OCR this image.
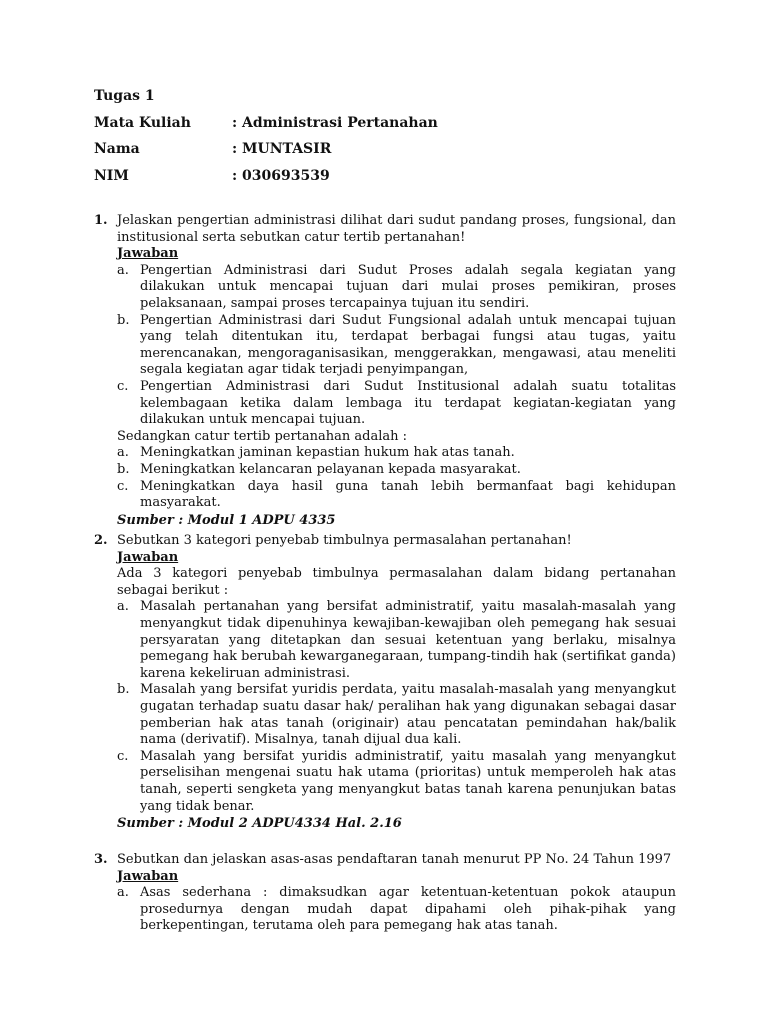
Tugas 1
Mata Kuliah	: Administrasi Pertanahan
Nama	: MUNTASIR
NIM	: 030693539
1. Jelaskan pengertian administrasi dilihat dari sudut pandang proses, fungsional, dan institusional serta sebutkan catur tertib pertanahan!
Jawaban
a. Pengertian Administrasi dari Sudut Proses adalah segala kegiatan yang dilakukan untuk mencapai tujuan dari mulai proses pemikiran, proses pelaksanaan, sampai proses tercapainya tujuan itu sendiri.
b. Pengertian Administrasi dari Sudut Fungsional adalah untuk mencapai tujuan yang telah ditentukan itu, terdapat berbagai fungsi atau tugas, yaitu merencanakan, mengoraganisasikan, menggerakkan, mengawasi, atau meneliti segala kegiatan agar tidak terjadi penyimpangan,
c. Pengertian Administrasi dari Sudut Institusional adalah suatu totalitas kelembagaan ketika dalam lembaga itu terdapat kegiatan-kegiatan yang dilakukan untuk mencapai tujuan.
Sedangkan catur tertib pertanahan adalah :
a. Meningkatkan jaminan kepastian hukum hak atas tanah.
b. Meningkatkan kelancaran pelayanan kepada masyarakat.
c. Meningkatkan daya hasil guna tanah lebih bermanfaat bagi kehidupan masyarakat.
Sumber : Modul 1 ADPU 4335
2. Sebutkan 3 kategori penyebab timbulnya permasalahan pertanahan!
Jawaban
Ada 3 kategori penyebab timbulnya permasalahan dalam bidang pertanahan sebagai berikut :
a. Masalah pertanahan yang bersifat administratif, yaitu masalah-masalah yang menyangkut tidak dipenuhinya kewajiban-kewajiban oleh pemegang hak sesuai persyaratan yang ditetapkan dan sesuai ketentuan yang berlaku, misalnya pemegang hak berubah kewarganegaraan, tumpang-tindih hak (sertifikat ganda) karena kekeliruan administrasi.
b. Masalah yang bersifat yuridis perdata, yaitu masalah-masalah yang menyangkut gugatan terhadap suatu dasar hak/ peralihan hak yang digunakan sebagai dasar pemberian hak atas tanah (originair) atau pencatatan pemindahan hak/balik nama (derivatif). Misalnya, tanah dijual dua kali.
c. Masalah yang bersifat yuridis administratif, yaitu masalah yang menyangkut perselisihan mengenai suatu hak utama (prioritas) untuk memperoleh hak atas tanah, seperti sengketa yang menyangkut batas tanah karena penunjukan batas yang tidak benar.
Sumber : Modul 2 ADPU4334 Hal. 2.16
3. Sebutkan dan jelaskan asas-asas pendaftaran tanah menurut PP No. 24 Tahun 1997
Jawaban
a. Asas sederhana : dimaksudkan agar ketentuan-ketentuan pokok ataupun prosedurnya dengan mudah dapat dipahami oleh pihak-pihak yang berkepentingan, terutama oleh para pemegang hak atas tanah.
